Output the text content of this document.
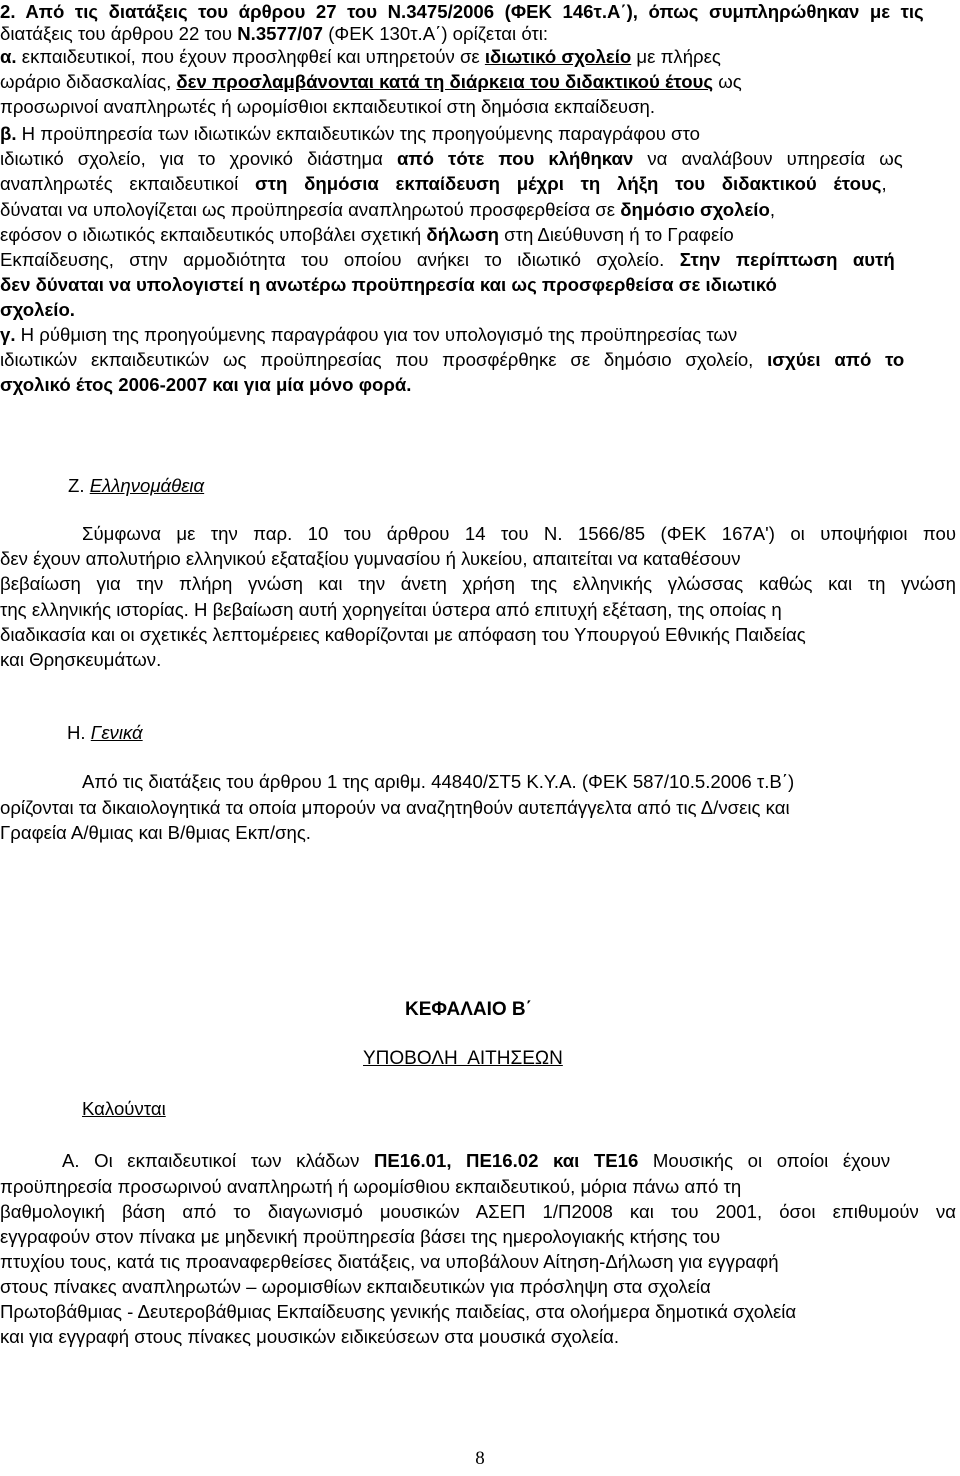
2. Από τις διατάξεις του άρθρου 27 του Ν.3475/2006 (ΦΕΚ 146τ.Α΄), όπως συμπληρώθηκαν με τις
διατάξεις του άρθρου 22 του Ν.3577/07 (ΦΕΚ 130τ.Α΄) ορίζεται ότι:
α. εκπαιδευτικοί, που έχουν προσληφθεί και υπηρετούν σε ιδιωτικό σχολείο με πλήρες
ωράριο διδασκαλίας, δεν προσλαμβάνονται κατά τη διάρκεια του διδακτικού έτους ως
προσωρινοί αναπληρωτές ή ωρομίσθιοι εκπαιδευτικοί στη δημόσια εκπαίδευση.
β. Η προϋπηρεσία των ιδιωτικών εκπαιδευτικών της προηγούμενης παραγράφου στο
ιδιωτικό σχολείο, για το χρονικό διάστημα από τότε που κλήθηκαν να αναλάβουν υπηρεσία ως
αναπληρωτές εκπαιδευτικοί στη δημόσια εκπαίδευση μέχρι τη λήξη του διδακτικού έτους,
δύναται να υπολογίζεται ως προϋπηρεσία αναπληρωτού προσφερθείσα σε δημόσιο σχολείο,
εφόσον ο ιδιωτικός εκπαιδευτικός υποβάλει σχετική δήλωση στη Διεύθυνση ή το Γραφείο
Εκπαίδευσης, στην αρμοδιότητα του οποίου ανήκει το ιδιωτικό σχολείο. Στην περίπτωση αυτή
δεν δύναται να υπολογιστεί η ανωτέρω προϋπηρεσία και ως προσφερθείσα σε ιδιωτικό
σχολείο.
γ. Η ρύθμιση της προηγούμενης παραγράφου για τον υπολογισμό της προϋπηρεσίας των
ιδιωτικών εκπαιδευτικών ως προϋπηρεσίας που προσφέρθηκε σε δημόσιο σχολείο, ισχύει από το
σχολικό έτος 2006-2007 και για μία μόνο φορά.
Ζ. Ελληνομάθεια
Σύμφωνα με την παρ. 10 του άρθρου 14 του Ν. 1566/85 (ΦΕΚ 167Α') οι υποψήφιοι που
δεν έχουν απολυτήριο ελληνικού εξαταξίου γυμνασίου ή λυκείου, απαιτείται να καταθέσουν
βεβαίωση για την πλήρη γνώση και την άνετη χρήση της ελληνικής γλώσσας καθώς και τη γνώση
της ελληνικής ιστορίας. Η βεβαίωση αυτή χορηγείται ύστερα από επιτυχή εξέταση, της οποίας η
διαδικασία και οι σχετικές λεπτομέρειες καθορίζονται με απόφαση του Υπουργού Εθνικής Παιδείας
και Θρησκευμάτων.
Η. Γενικά
Από τις διατάξεις του άρθρου 1 της αριθμ. 44840/ΣΤ5 Κ.Υ.Α. (ΦΕΚ 587/10.5.2006 τ.Β΄)
ορίζονται τα δικαιολογητικά τα οποία μπορούν να αναζητηθούν αυτεπάγγελτα από τις Δ/νσεις και
Γραφεία Α/θμιας και Β/θμιας Εκπ/σης.
ΚΕΦΑΛΑΙΟ Β΄
ΥΠΟΒΟΛΗ  ΑΙΤΗΣΕΩΝ
Καλούνται
Α. Οι εκπαιδευτικοί των κλάδων ΠΕ16.01, ΠΕ16.02 και ΤΕ16 Μουσικής οι οποίοι έχουν
προϋπηρεσία προσωρινού αναπληρωτή ή ωρομίσθιου εκπαιδευτικού, μόρια πάνω από τη
βαθμολογική βάση από το διαγωνισμό μουσικών ΑΣΕΠ 1/Π2008 και του 2001, όσοι επιθυμούν να
εγγραφούν στον πίνακα με μηδενική προϋπηρεσία βάσει της ημερολογιακής κτήσης του
πτυχίου τους, κατά τις προαναφερθείσες διατάξεις, να υποβάλουν Αίτηση-Δήλωση για εγγραφή
στους πίνακες αναπληρωτών – ωρομισθίων εκπαιδευτικών για πρόσληψη στα σχολεία
Πρωτοβάθμιας - Δευτεροβάθμιας Εκπαίδευσης γενικής παιδείας, στα ολοήμερα δημοτικά σχολεία
και για εγγραφή στους πίνακες μουσικών ειδικεύσεων στα μουσικά σχολεία.
8
